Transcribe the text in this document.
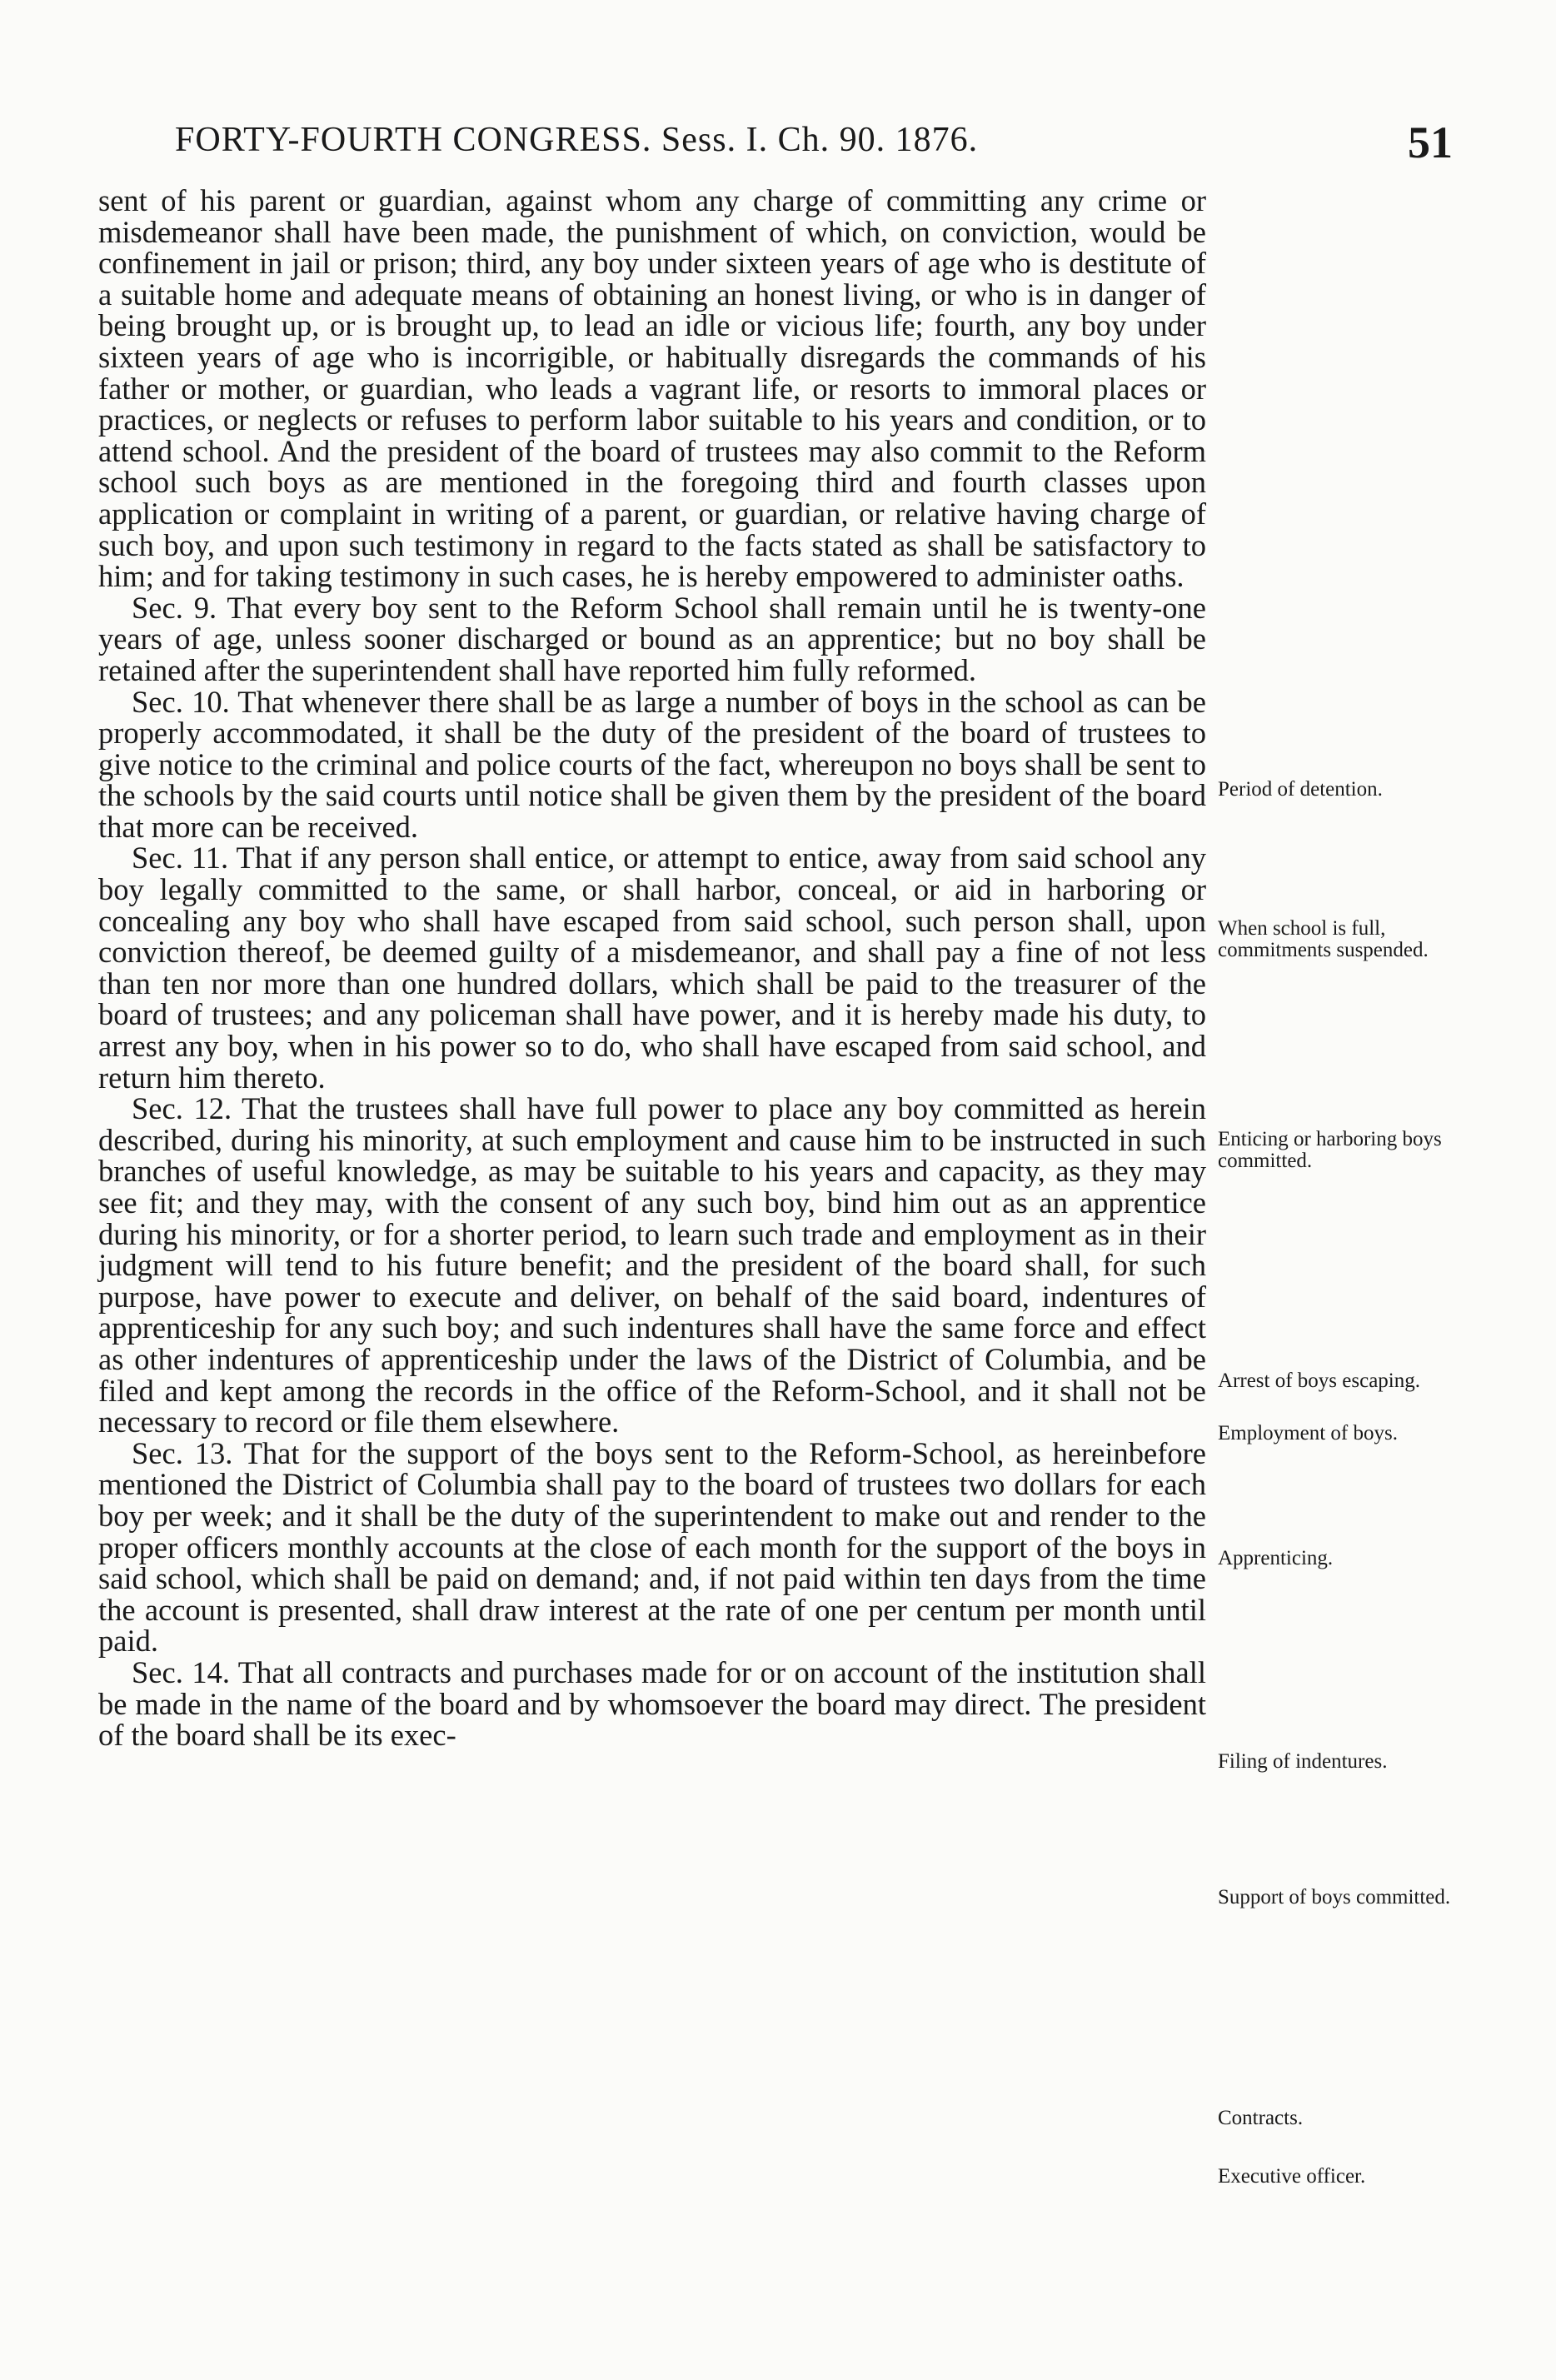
FORTY-FOURTH CONGRESS. Sess. I. Ch. 90. 1876.	51

sent of his parent or guardian, against whom any charge of committing any crime or misdemeanor shall have been made, the punishment of which, on conviction, would be confinement in jail or prison; third, any boy under sixteen years of age who is destitute of a suitable home and adequate means of obtaining an honest living, or who is in danger of being brought up, or is brought up, to lead an idle or vicious life; fourth, any boy under sixteen years of age who is incorrigible, or habitually disregards the commands of his father or mother, or guardian, who leads a vagrant life, or resorts to immoral places or practices, or neglects or refuses to perform labor suitable to his years and condition, or to attend school. And the president of the board of trustees may also commit to the Reform school such boys as are mentioned in the foregoing third and fourth classes upon application or complaint in writing of a parent, or guardian, or relative having charge of such boy, and upon such testimony in regard to the facts stated as shall be satisfactory to him; and for taking testimony in such cases, he is hereby empowered to administer oaths.

Sec. 9. That every boy sent to the Reform School shall remain until he is twenty-one years of age, unless sooner discharged or bound as an apprentice; but no boy shall be retained after the superintendent shall have reported him fully reformed.

Sec. 10. That whenever there shall be as large a number of boys in the school as can be properly accommodated, it shall be the duty of the president of the board of trustees to give notice to the criminal and police courts of the fact, whereupon no boys shall be sent to the schools by the said courts until notice shall be given them by the president of the board that more can be received.

Sec. 11. That if any person shall entice, or attempt to entice, away from said school any boy legally committed to the same, or shall harbor, conceal, or aid in harboring or concealing any boy who shall have escaped from said school, such person shall, upon conviction thereof, be deemed guilty of a misdemeanor, and shall pay a fine of not less than ten nor more than one hundred dollars, which shall be paid to the treasurer of the board of trustees; and any policeman shall have power, and it is hereby made his duty, to arrest any boy, when in his power so to do, who shall have escaped from said school, and return him thereto.

Sec. 12. That the trustees shall have full power to place any boy committed as herein described, during his minority, at such employment and cause him to be instructed in such branches of useful knowledge, as may be suitable to his years and capacity, as they may see fit; and they may, with the consent of any such boy, bind him out as an apprentice during his minority, or for a shorter period, to learn such trade and employment as in their judgment will tend to his future benefit; and the president of the board shall, for such purpose, have power to execute and deliver, on behalf of the said board, indentures of apprenticeship for any such boy; and such indentures shall have the same force and effect as other indentures of apprenticeship under the laws of the District of Columbia, and be filed and kept among the records in the office of the Reform-School, and it shall not be necessary to record or file them elsewhere.

Sec. 13. That for the support of the boys sent to the Reform-School, as hereinbefore mentioned the District of Columbia shall pay to the board of trustees two dollars for each boy per week; and it shall be the duty of the superintendent to make out and render to the proper officers monthly accounts at the close of each month for the support of the boys in said school, which shall be paid on demand; and, if not paid within ten days from the time the account is presented, shall draw interest at the rate of one per centum per month until paid.

Sec. 14. That all contracts and purchases made for or on account of the institution shall be made in the name of the board and by whomsoever the board may direct. The president of the board shall be its exec-

Period of detention.
When school is full, commitments suspended.
Enticing or harboring boys committed.
Arrest of boys escaping.
Employment of boys.
Apprenticing.
Filing of indentures.
Support of boys committed.
Contracts.
Executive officer.
